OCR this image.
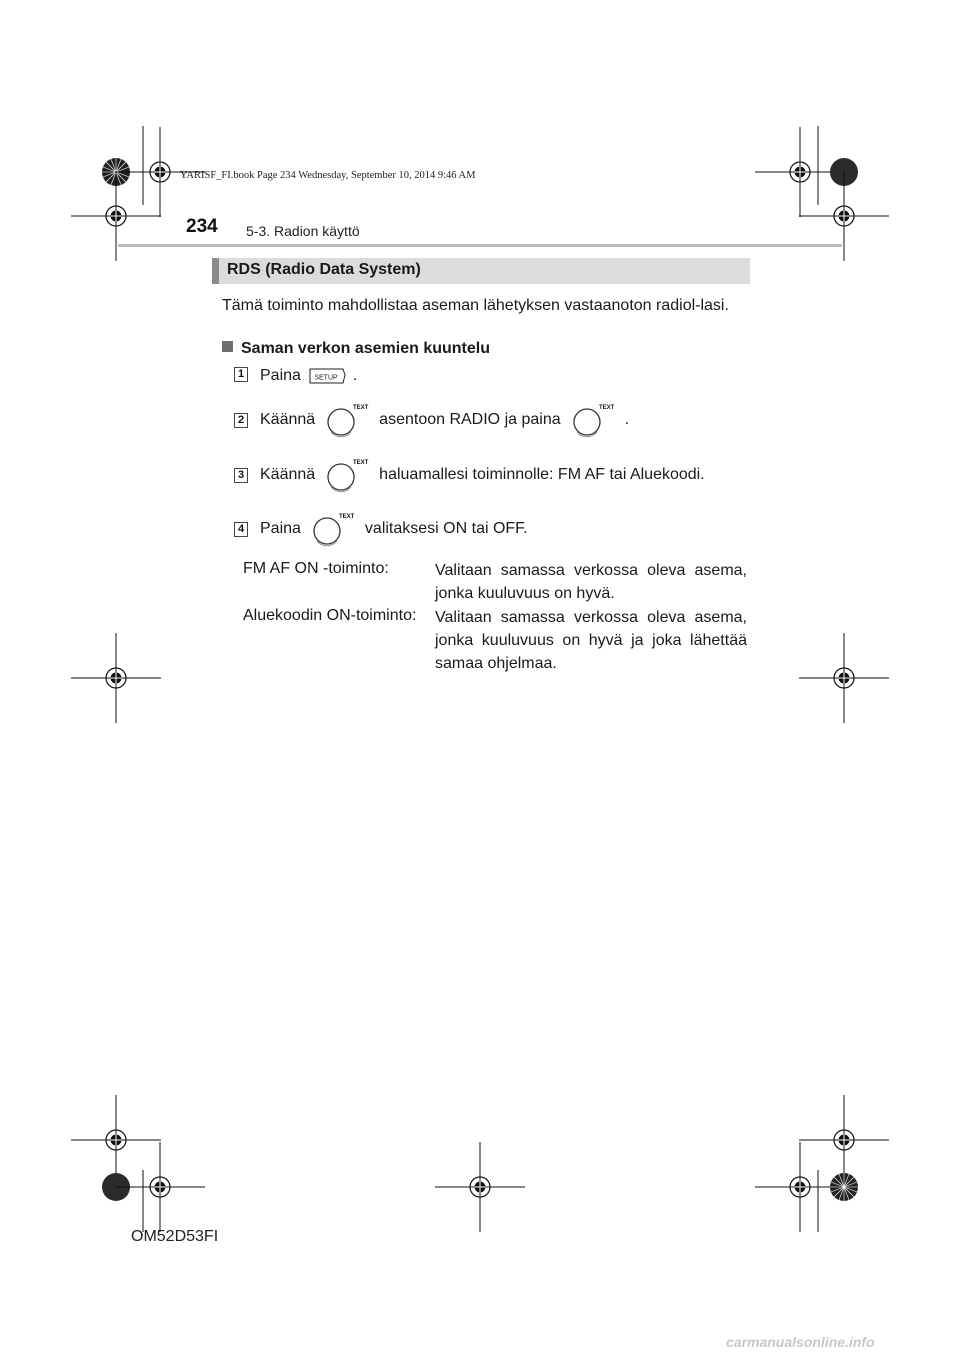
YARISF_FI.book Page 234 Wednesday, September 10, 2014 9:46 AM
234 5-3. Radion käyttö
RDS (Radio Data System)
Tämä toiminto mahdollistaa aseman lähetyksen vastaanoton radiol-lasi.
Saman verkon asemien kuuntelu
1 Paina SETUP .
2 Käännä
TEXT
asentoon RADIO ja paina
TEXT
.
3 Käännä
TEXT
haluamallesi toiminnolle: FM AF tai Aluekoodi.
4 Paina
TEXT
valitaksesi ON tai OFF.
FM AF ON -toiminto:	Valitaan samassa verkossa oleva asema, jonka kuuluvuus on hyvä.
Aluekoodin ON-toiminto: Valitaan samassa verkossa oleva asema, jonka kuuluvuus on hyvä ja joka lähettää samaa ohjelmaa.
OM52D53FI
carmanualsonline.info
